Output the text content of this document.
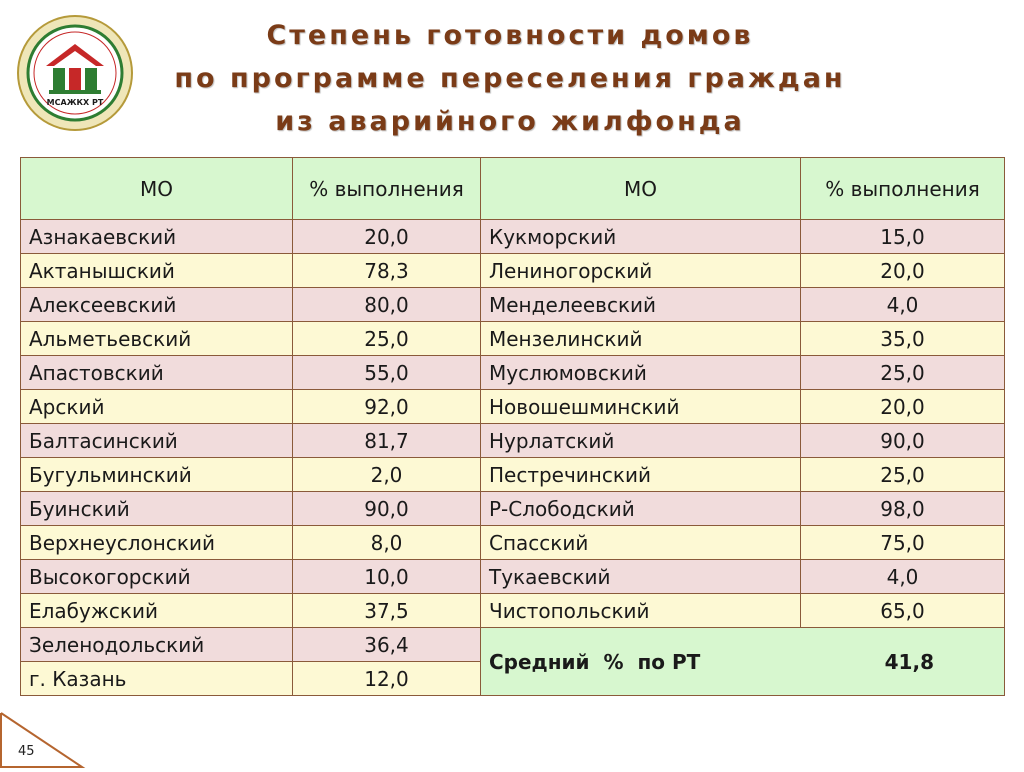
МСАЖКХ РТ
Степень готовности домов
по программе переселения граждан
из аварийного жилфонда
МО	% выполнения	МО	% выполнения
Азнакаевский	20,0	Кукморский	15,0
Актанышский	78,3	Лениногорский	20,0
Алексеевский	80,0	Менделеевский	4,0
Альметьевский	25,0	Мензелинский	35,0
Апастовский	55,0	Муслюмовский	25,0
Арский	92,0	Новошешминский	20,0
Балтасинский	81,7	Нурлатский	90,0
Бугульминский	2,0	Пестречинский	25,0
Буинский	90,0	Р-Слободский	98,0
Верхнеуслонский	8,0	Спасский	75,0
Высокогорский	10,0	Тукаевский	4,0
Елабужский	37,5	Чистопольский	65,0
Зеленодольский	36,4	Средний  %  по РТ 41,8	

г. Казань	12,0		
45
